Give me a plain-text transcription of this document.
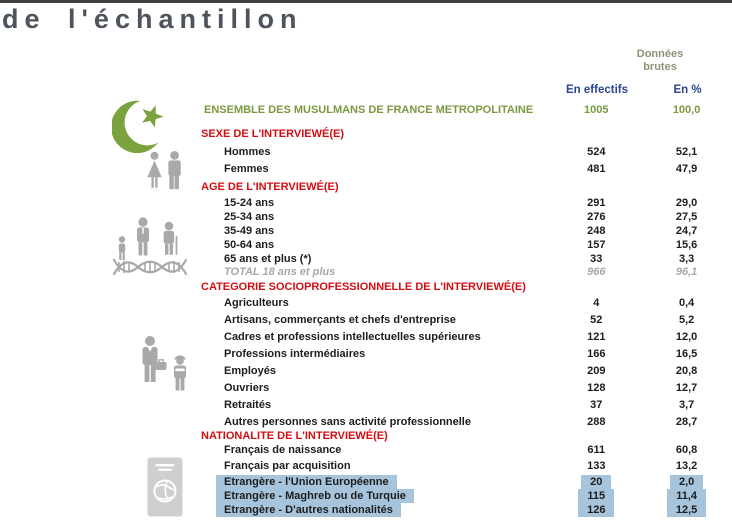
de l'échantillon
Données
brutes
En effectifs	En %
ENSEMBLE DES MUSULMANS DE FRANCE METROPOLITAINE	1005	100,0
SEXE DE L'INTERVIEWÉ(E)
Hommes	524	52,1
Femmes	481	47,9
AGE DE L'INTERVIEWÉ(E)
15-24 ans	291	29,0
25-34 ans	276	27,5
35-49 ans	248	24,7
50-64 ans	157	15,6
65 ans et plus (*)	33	3,3
TOTAL 18 ans et plus	966	96,1
CATEGORIE SOCIOPROFESSIONNELLE DE L'INTERVIEWÉ(E)
Agriculteurs	4	0,4
Artisans, commerçants et chefs d'entreprise	52	5,2
Cadres et professions intellectuelles supérieures	121	12,0
Professions intermédiaires	166	16,5
Employés	209	20,8
Ouvriers	128	12,7
Retraités	37	3,7
Autres personnes sans activité professionnelle	288	28,7
NATIONALITE DE L'INTERVIEWÉ(E)
Français de naissance	611	60,8
Français par acquisition	133	13,2
Etrangère - l'Union Européenne	20	2,0
Etrangère - Maghreb ou de Turquie	115	11,4
Etrangère - D'autres nationalités	126	12,5
